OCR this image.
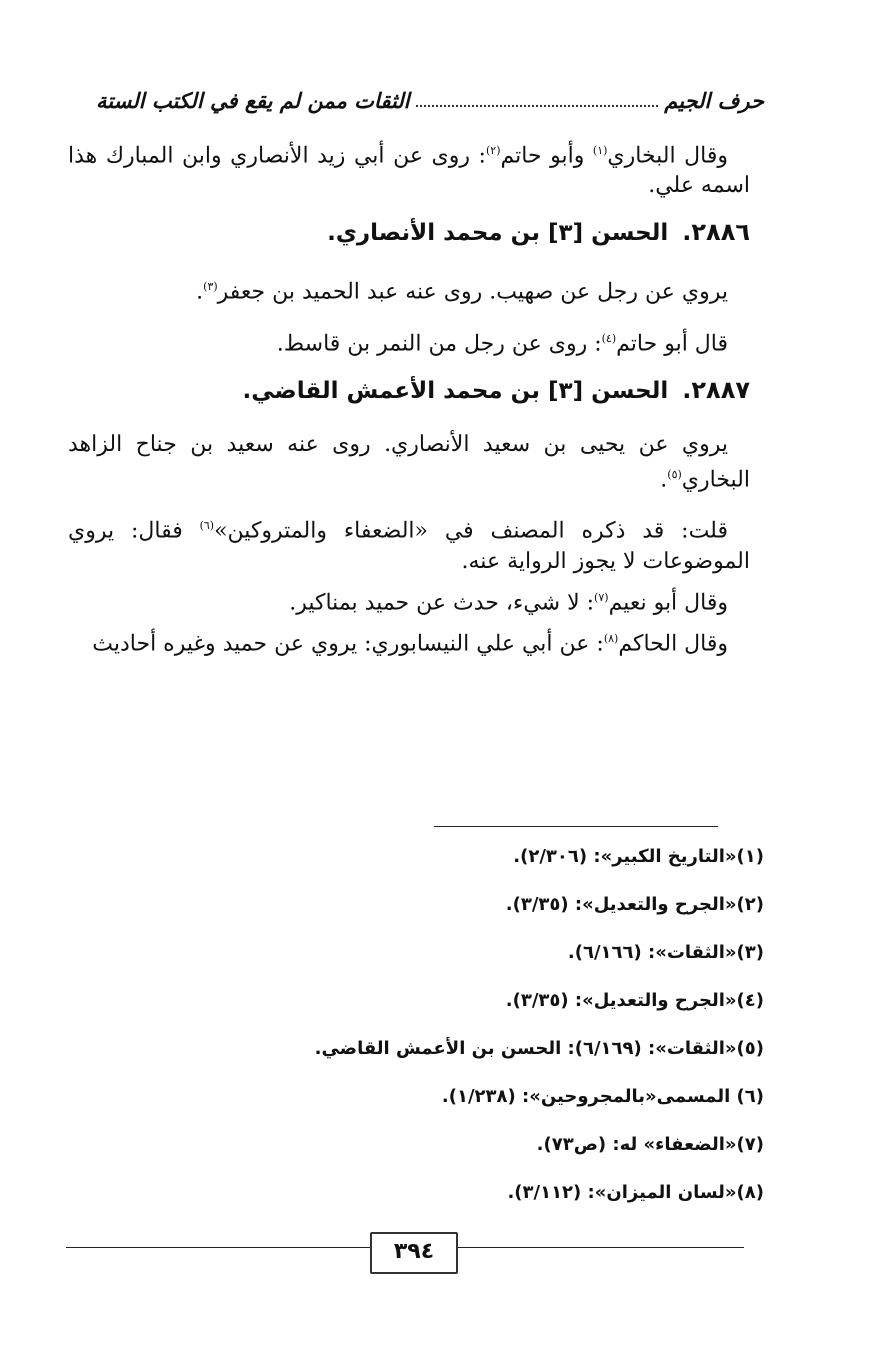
حرف الجيم
الثقات ممن لم يقع في الكتب الستة

وقال البخاري$^{(١)}$ وأبو حاتم$^{(٢)}$: روى عن أبي زيد الأنصاري وابن المبارك هذا اسمه علي.

٢٨٨٦.
الحسن [٣] بن محمد الأنصاري.

يروي عن رجل عن صهيب. روى عنه عبد الحميد بن جعفر$^{(٣)}$.

قال أبو حاتم$^{(٤)}$: روى عن رجل من النمر بن قاسط.

٢٨٨٧.
الحسن [٣] بن محمد الأعمش القاضي.

يروي عن يحيى بن سعيد الأنصاري. روى عنه سعيد بن جناح الزاهد البخاري$^{(٥)}$.

قلت: قد ذكره المصنف في «الضعفاء والمتروكين»$^{(٦)}$ فقال: يروي الموضوعات لا يجوز الرواية عنه.

وقال أبو نعيم$^{(٧)}$: لا شيء، حدث عن حميد بمناكير.

وقال الحاكم$^{(٨)}$: عن أبي علي النيسابوري: يروي عن حميد وغيره أحاديث

(١)«التاريخ الكبير»: (٢/٣٠٦).
(٢)«الجرح والتعديل»: (٣/٣٥).
(٣)«الثقات»: (٦/١٦٦).
(٤)«الجرح والتعديل»: (٣/٣٥).
(٥)«الثقات»: (٦/١٦٩): الحسن بن الأعمش القاضي.
(٦) المسمى«بالمجروحين»: (١/٢٣٨).
(٧)«الضعفاء» له: (ص٧٣).
(٨)«لسان الميزان»: (٣/١١٢).
٣٩٤
